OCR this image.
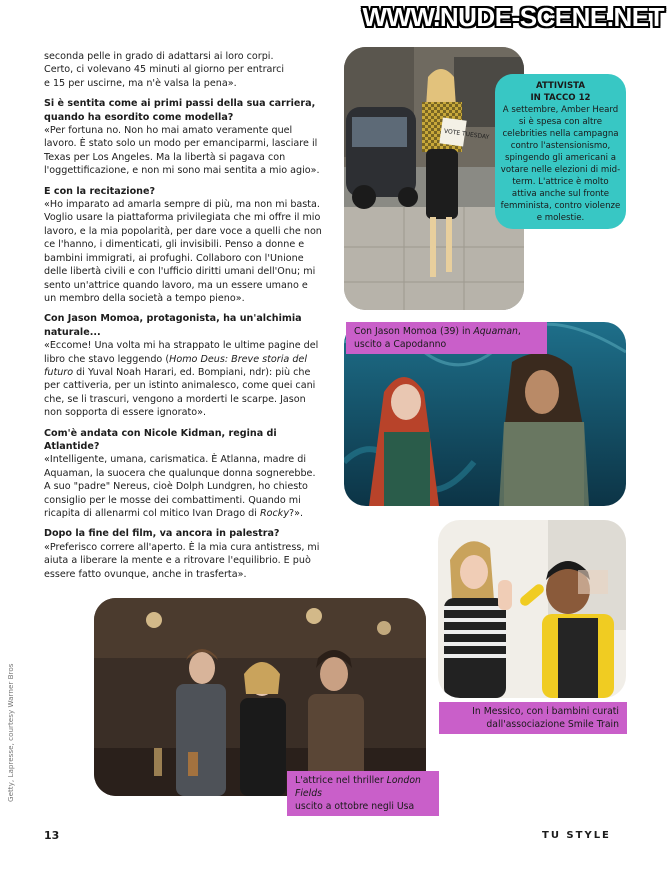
WWW.NUDE-SCENE.NET

seconda pelle in grado di adattarsi ai loro corpi.
Certo, ci volevano 45 minuti al giorno per entrarci
e 15 per uscirne, ma n'è valsa la pena».

Si è sentita come ai primi passi della sua carriera, quando ha esordito come modella?
«Per fortuna no. Non ho mai amato veramente quel lavoro. È stato solo un modo per emanciparmi, lasciare il Texas per Los Angeles. Ma la libertà si pagava con l'oggettificazione, e non mi sono mai sentita a mio agio».

E con la recitazione?
«Ho imparato ad amarla sempre di più, ma non mi basta. Voglio usare la piattaforma privilegiata che mi offre il mio lavoro, e la mia popolarità, per dare voce a quelli che non ce l'hanno, i dimenticati, gli invisibili. Penso a donne e bambini immigrati, ai profughi. Collaboro con l'Unione delle libertà civili e con l'ufficio diritti umani dell'Onu; mi sento un'attrice quando lavoro, ma un essere umano e un membro della società a tempo pieno».

Con Jason Momoa, protagonista, ha un'alchimia naturale...
«Eccome! Una volta mi ha strappato le ultime pagine del libro che stavo leggendo (Homo Deus: Breve storia del futuro di Yuval Noah Harari, ed. Bompiani, ndr): più che per cattiveria, per un istinto animalesco, come quei cani che, se li trascuri, vengono a morderti le scarpe. Jason non sopporta di essere ignorato».

Com'è andata con Nicole Kidman, regina di Atlantide?
«Intelligente, umana, carismatica. È Atlanna, madre di Aquaman, la suocera che qualunque donna sognerebbe. A suo "padre" Nereus, cioè Dolph Lundgren, ho chiesto consiglio per le mosse dei combattimenti. Quando mi ricapita di allenarmi col mitico Ivan Drago di Rocky?».

Dopo la fine del film, va ancora in palestra?
«Preferisco correre all'aperto. È la mia cura antistress, mi aiuta a liberare la mente e a ritrovare l'equilibrio. E può essere fatto ovunque, anche in trasferta».

VOTE TUESDAY
ATTIVISTA
IN TACCO 12
A settembre, Amber Heard si è spesa con altre celebrities nella campagna contro l'astensionismo, spingendo gli americani a votare nelle elezioni di mid-term. L'attrice è molto attiva anche sul fronte femminista, contro violenze e molestie.
Con Jason Momoa (39) in Aquaman,
uscito a Capodanno
In Messico, con i bambini curati
dall'associazione Smile Train
L'attrice nel thriller London Fields
uscito a ottobre negli Usa
Getty, Lapresse, courtesy Warner Bros
13	TU STYLE
